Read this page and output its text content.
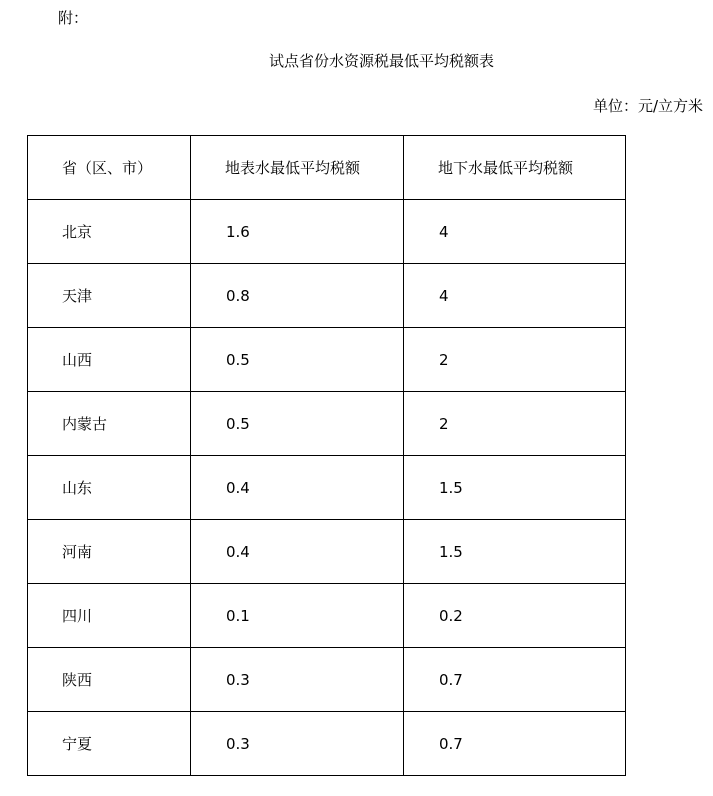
附：
试点省份水资源税最低平均税额表
单位：元/立方米
省（区、市）	地表水最低平均税额	地下水最低平均税额
北京	1.6	4
天津	0.8	4
山西	0.5	2
内蒙古	0.5	2
山东	0.4	1.5
河南	0.4	1.5
四川	0.1	0.2
陕西	0.3	0.7
宁夏	0.3	0.7
